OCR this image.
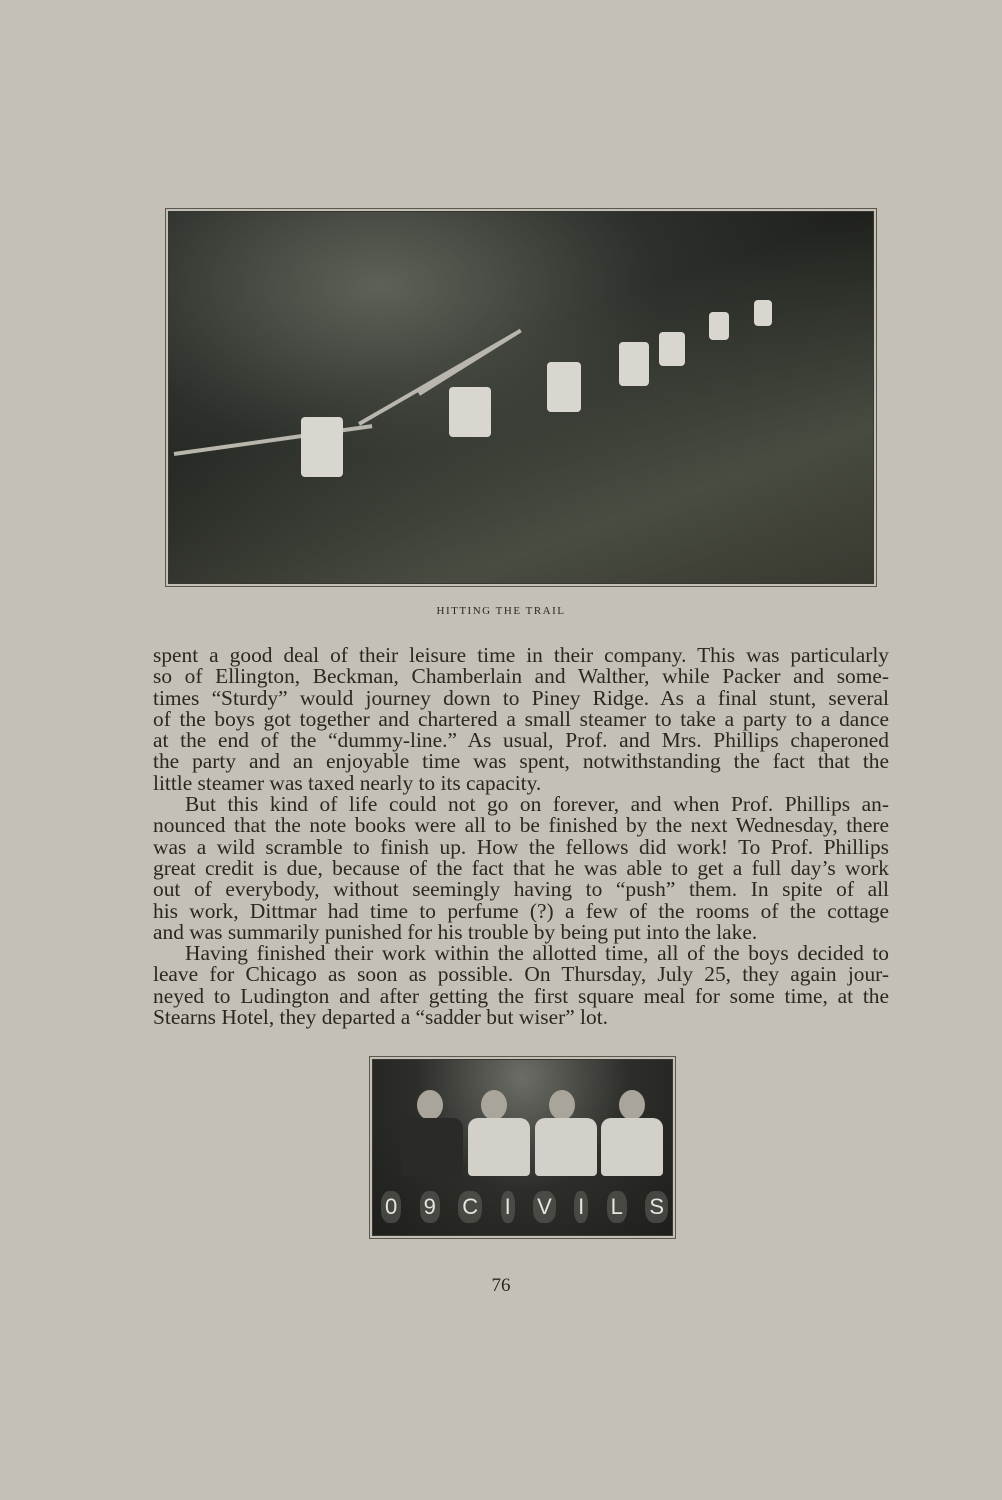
HITTING THE TRAIL

spent a good deal of their leisure time in their company. This was particularly
so of Ellington, Beckman, Chamberlain and Walther, while Packer and some-
times “Sturdy” would journey down to Piney Ridge. As a final stunt, several
of the boys got together and chartered a small steamer to take a party to a dance
at the end of the “dummy-line.” As usual, Prof. and Mrs. Phillips chaperoned
the party and an enjoyable time was spent, notwithstanding the fact that the
little steamer was taxed nearly to its capacity.

But this kind of life could not go on forever, and when Prof. Phillips an-
nounced that the note books were all to be finished by the next Wednesday, there
was a wild scramble to finish up. How the fellows did work! To Prof. Phillips
great credit is due, because of the fact that he was able to get a full day’s work
out of everybody, without seemingly having to “push” them. In spite of all
his work, Dittmar had time to perfume (?) a few of the rooms of the cottage
and was summarily punished for his trouble by being put into the lake.

Having finished their work within the allotted time, all of the boys decided to
leave for Chicago as soon as possible. On Thursday, July 25, they again jour-
neyed to Ludington and after getting the first square meal for some time, at the
Stearns Hotel, they departed a “sadder but wiser” lot.

0 9 C I V I L S
76
